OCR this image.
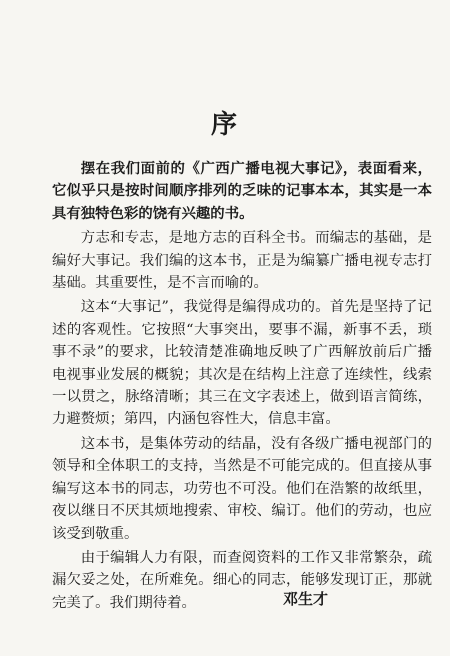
序

摆在我们面前的《广西广播电视大事记》，表面看来，它似乎只是按时间顺序排列的乏味的记事本本，其实是一本具有独特色彩的饶有兴趣的书。

方志和专志，是地方志的百科全书。而编志的基础，是编好大事记。我们编的这本书，正是为编纂广播电视专志打基础。其重要性，是不言而喻的。

这本“大事记”，我觉得是编得成功的。首先是坚持了记述的客观性。它按照“大事突出，要事不漏，新事不丢，琐事不录”的要求，比较清楚准确地反映了广西解放前后广播电视事业发展的概貌；其次是在结构上注意了连续性，线索一以贯之，脉络清晰；其三在文字表述上，做到语言简练，力避赘烦；第四，内涵包容性大，信息丰富。

这本书，是集体劳动的结晶，没有各级广播电视部门的领导和全体职工的支持，当然是不可能完成的。但直接从事编写这本书的同志，功劳也不可没。他们在浩繁的故纸里，夜以继日不厌其烦地搜索、审校、编订。他们的劳动，也应该受到敬重。

由于编辑人力有限，而查阅资料的工作又非常繁杂，疏漏欠妥之处，在所难免。细心的同志，能够发现订正，那就完美了。我们期待着。	邓生才
